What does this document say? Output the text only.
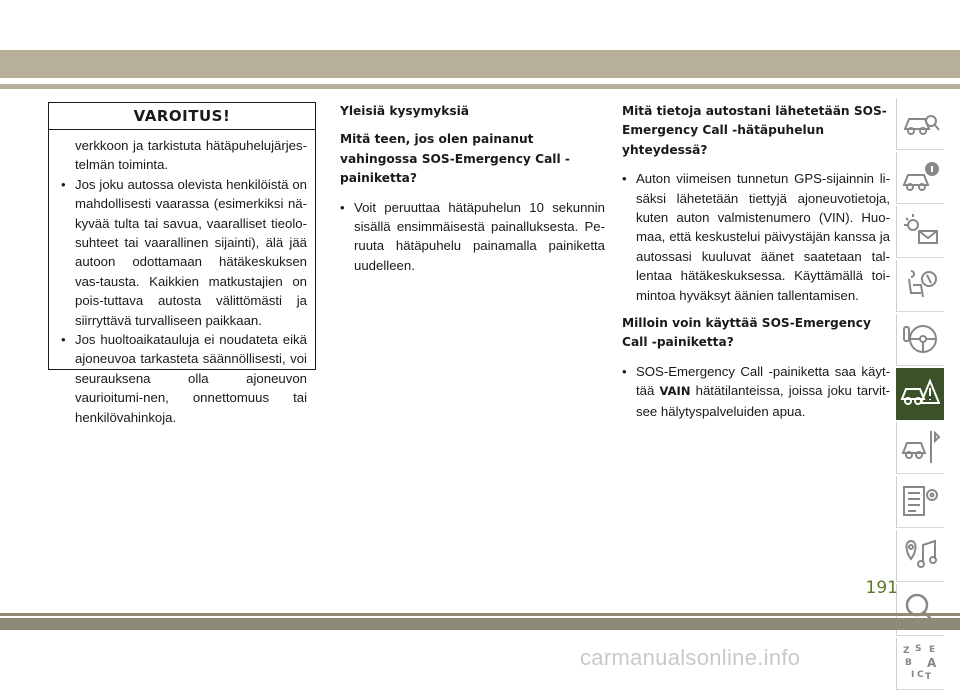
VAROITUS!

verkkoon ja tarkistuta hätäpuhelujärjes-telmän toiminta.

• Jos joku autossa olevista henkilöistä on mahdollisesti vaarassa (esimerkiksi nä-kyvää tulta tai savua, vaaralliset tieolo-suhteet tai vaarallinen sijainti), älä jää autoon odottamaan hätäkeskuksen vas-tausta. Kaikkien matkustajien on pois-tuttava autosta välittömästi ja siirryttävä turvalliseen paikkaan.
• Jos huoltoaikatauluja ei noudateta eikä ajoneuvoa tarkasteta säännöllisesti, voi seurauksena olla ajoneuvon vaurioitumi-nen, onnettomuus tai henkilövahinkoja.
Yleisiä kysymyksiä
Mitä teen, jos olen painanut vahingossa SOS-Emergency Call -painiketta?
• Voit peruuttaa hätäpuhelun 10 sekunnin sisällä ensimmäisestä painalluksesta. Pe-ruuta hätäpuhelu painamalla painiketta uudelleen.
Mitä tietoja autostani lähetetään SOS-Emergency Call -hätäpuhelun yhteydessä?
• Auton viimeisen tunnetun GPS-sijainnin li-säksi lähetetään tiettyjä ajoneuvotietoja, kuten auton valmistenumero (VIN). Huo-maa, että keskustelui päivystäjän kanssa ja autossasi kuuluvat äänet saatetaan tal-lentaa hätäkeskuksessa. Käyttämällä toi-mintoa hyväksyt äänien tallentamisen.
Milloin voin käyttää SOS-Emergency Call -painiketta?
• SOS-Emergency Call -painiketta saa käyt-tää VAIN hätätilanteissa, joissa joku tarvit-see hälytyspalveluiden apua.
Z S E
B A
I C T
191
carmanualsonline.info
